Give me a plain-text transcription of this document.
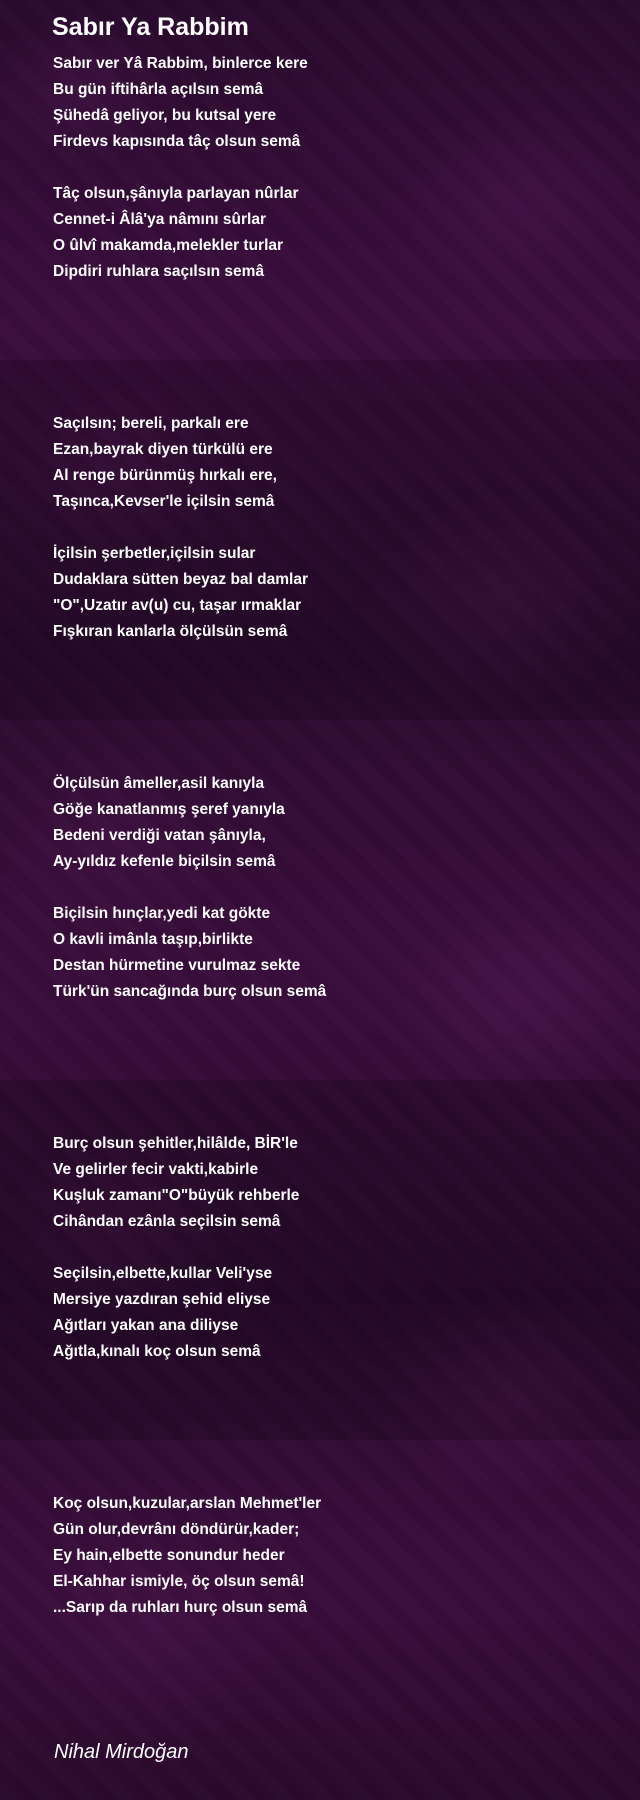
Sabır Ya Rabbim
Sabır ver Yâ Rabbim, binlerce kere
Bu gün iftihârla açılsın semâ
Şühedâ geliyor, bu kutsal yere
Firdevs kapısında tâç olsun semâ
Tâç olsun,şânıyla parlayan nûrlar
Cennet-i Âlâ'ya nâmını sûrlar
O ûlvî makamda,melekler turlar
Dipdiri ruhlara saçılsın semâ
Saçılsın; bereli, parkalı ere
Ezan,bayrak diyen türkülü ere
Al renge bürünmüş hırkalı ere,
Taşınca,Kevser'le içilsin semâ
İçilsin şerbetler,içilsin sular
Dudaklara sütten beyaz bal damlar
"O",Uzatır av(u) cu, taşar ırmaklar
Fışkıran kanlarla ölçülsün semâ
Ölçülsün âmeller,asil kanıyla
Göğe kanatlanmış şeref yanıyla
Bedeni verdiği vatan şânıyla,
Ay-yıldız kefenle biçilsin semâ
Biçilsin hınçlar,yedi kat gökte
O kavli imânla taşıp,birlikte
Destan hürmetine vurulmaz sekte
Türk'ün sancağında burç olsun semâ
Burç olsun şehitler,hilâlde, BİR'le
Ve gelirler fecir vakti,kabirle
Kuşluk zamanı"O"büyük rehberle
Cihândan ezânla seçilsin semâ
Seçilsin,elbette,kullar Veli'yse
Mersiye yazdıran şehid eliyse
Ağıtları yakan ana diliyse
Ağıtla,kınalı koç olsun semâ
Koç olsun,kuzular,arslan Mehmet'ler
Gün olur,devrânı döndürür,kader;
Ey hain,elbette sonundur heder
El-Kahhar ismiyle, öç olsun semâ!
...Sarıp da ruhları hurç olsun semâ
Nihal Mirdoğan
